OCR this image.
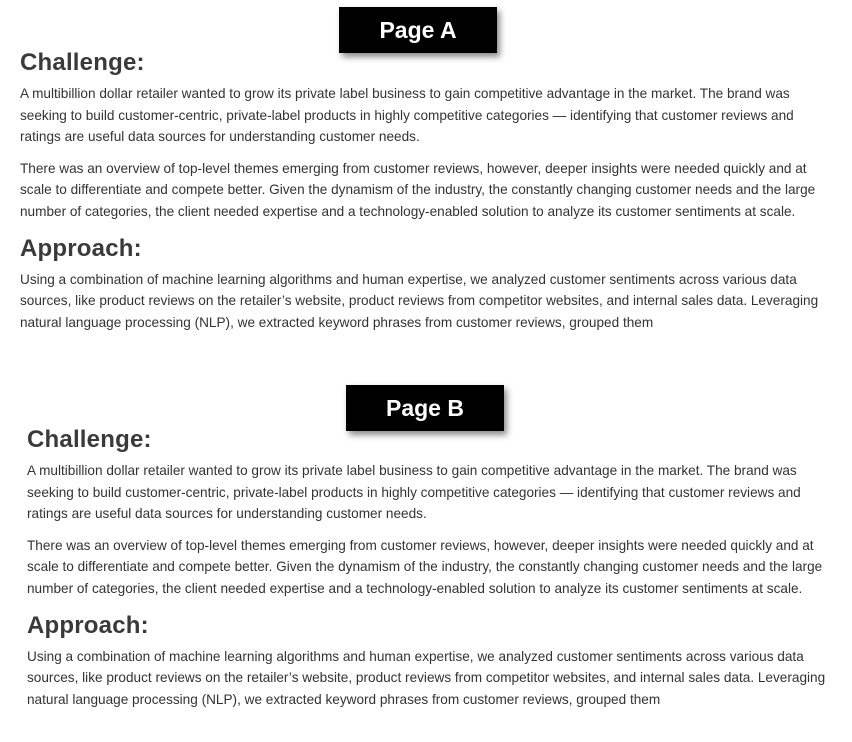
Page A
Challenge:

A multibillion dollar retailer wanted to grow its private label business to gain competitive advantage in the market. The brand was seeking to build customer-centric, private-label products in highly competitive categories — identifying that customer reviews and ratings are useful data sources for understanding customer needs.

There was an overview of top-level themes emerging from customer reviews, however, deeper insights were needed quickly and at scale to differentiate and compete better. Given the dynamism of the industry, the constantly changing customer needs and the large number of categories, the client needed expertise and a technology-enabled solution to analyze its customer sentiments at scale.

Approach:

Using a combination of machine learning algorithms and human expertise, we analyzed customer sentiments across various data sources, like product reviews on the retailer’s website, product reviews from competitor websites, and internal sales data. Leveraging natural language processing (NLP), we extracted keyword phrases from customer reviews, grouped them

Page B
Challenge:

A multibillion dollar retailer wanted to grow its private label business to gain competitive advantage in the market. The brand was seeking to build customer-centric, private-label products in highly competitive categories — identifying that customer reviews and ratings are useful data sources for understanding customer needs.

There was an overview of top-level themes emerging from customer reviews, however, deeper insights were needed quickly and at scale to differentiate and compete better. Given the dynamism of the industry, the constantly changing customer needs and the large number of categories, the client needed expertise and a technology-enabled solution to analyze its customer sentiments at scale.

Approach:

Using a combination of machine learning algorithms and human expertise, we analyzed customer sentiments across various data sources, like product reviews on the retailer’s website, product reviews from competitor websites, and internal sales data. Leveraging natural language processing (NLP), we extracted keyword phrases from customer reviews, grouped them
